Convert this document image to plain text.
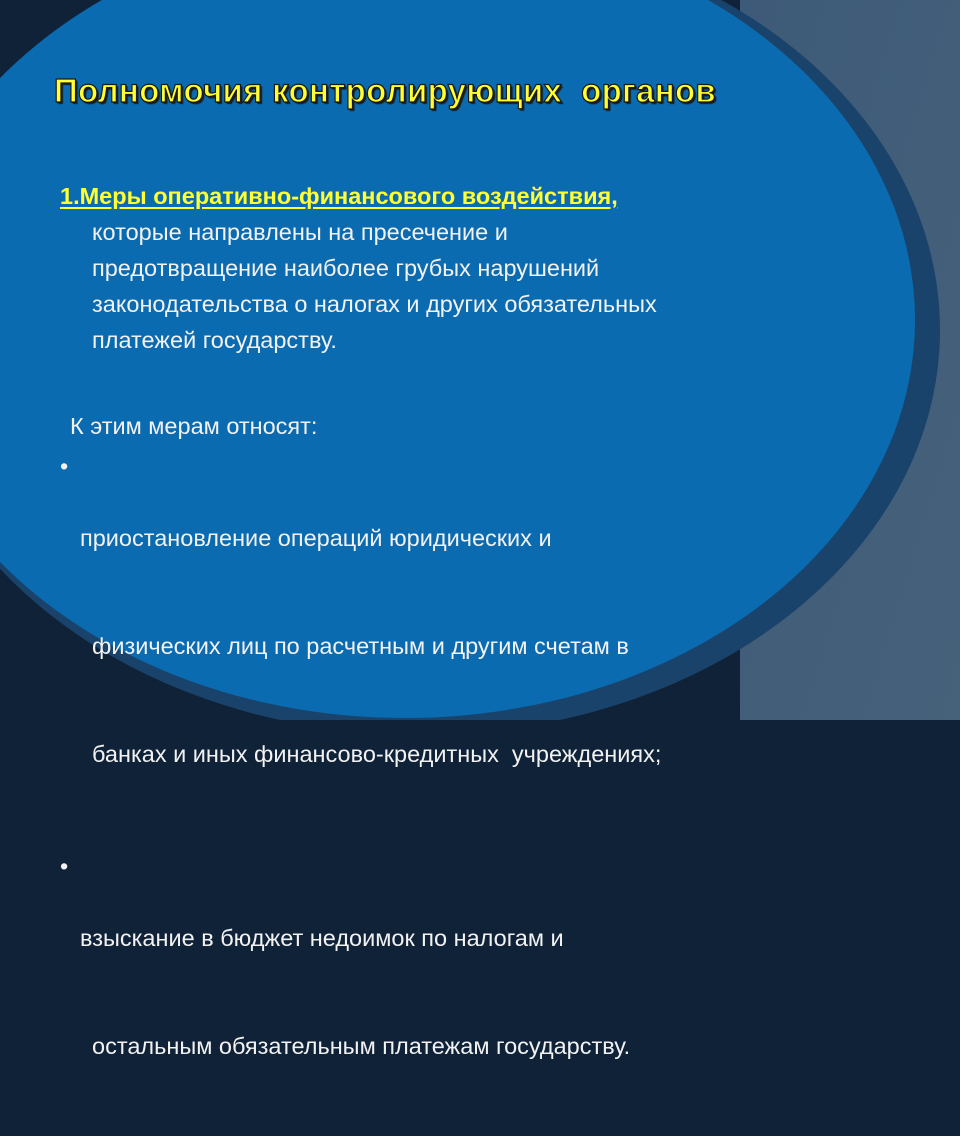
Полномочия контролирующих  органов
1.Меры оперативно-финансового воздействия,
которые направлены на пресечение и
предотвращение наиболее грубых нарушений
законодательства о налогах и других обязательных
платежей государству.
К этим мерам относят:
•

приостановление операций юридических и

физических лиц по расчетным и другим счетам в

банках и иных финансово-кредитных  учреждениях;

•

взыскание в бюджет недоимок по налогам и

остальным обязательным платежам государству.
